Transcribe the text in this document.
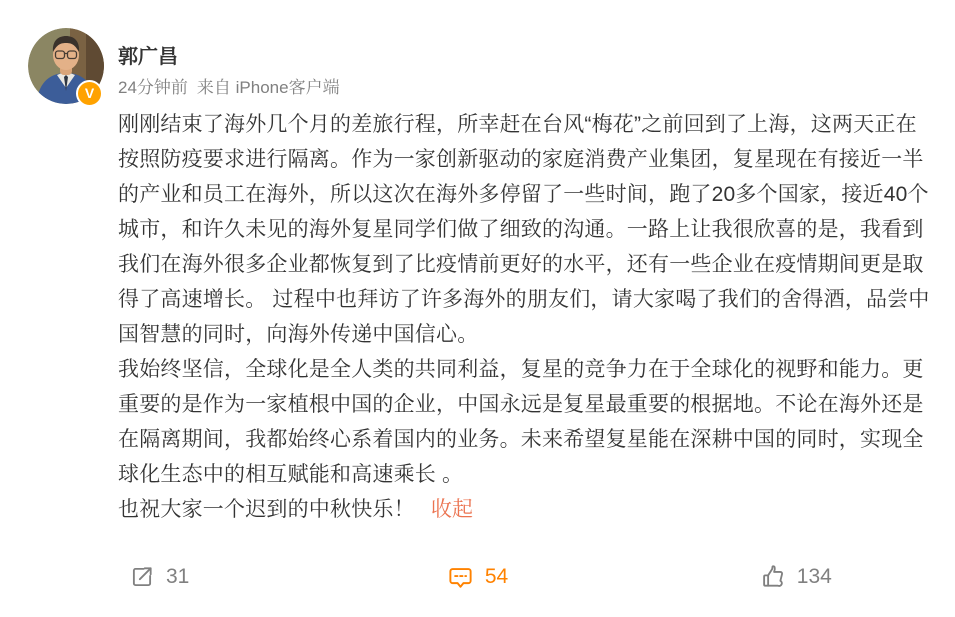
V
郭广昌
24分钟前 来自 iPhone客户端
刚刚结束了海外几个月的差旅行程，所幸赶在台风“梅花”之前回到了上海，这两天正在
按照防疫要求进行隔离。作为一家创新驱动的家庭消费产业集团，复星现在有接近一半
的产业和员工在海外，所以这次在海外多停留了一些时间，跑了20多个国家，接近40个
城市，和许久未见的海外复星同学们做了细致的沟通。一路上让我很欣喜的是，我看到
我们在海外很多企业都恢复到了比疫情前更好的水平，还有一些企业在疫情期间更是取
得了高速增长。 过程中也拜访了许多海外的朋友们，请大家喝了我们的舍得酒，品尝中
国智慧的同时，向海外传递中国信心。
我始终坚信，全球化是全人类的共同利益，复星的竞争力在于全球化的视野和能力。更
重要的是作为一家植根中国的企业，中国永远是复星最重要的根据地。不论在海外还是
在隔离期间，我都始终心系着国内的业务。未来希望复星能在深耕中国的同时，实现全
球化生态中的相互赋能和高速乘长 。
也祝大家一个迟到的中秋快乐！ 收起
31	54	134
